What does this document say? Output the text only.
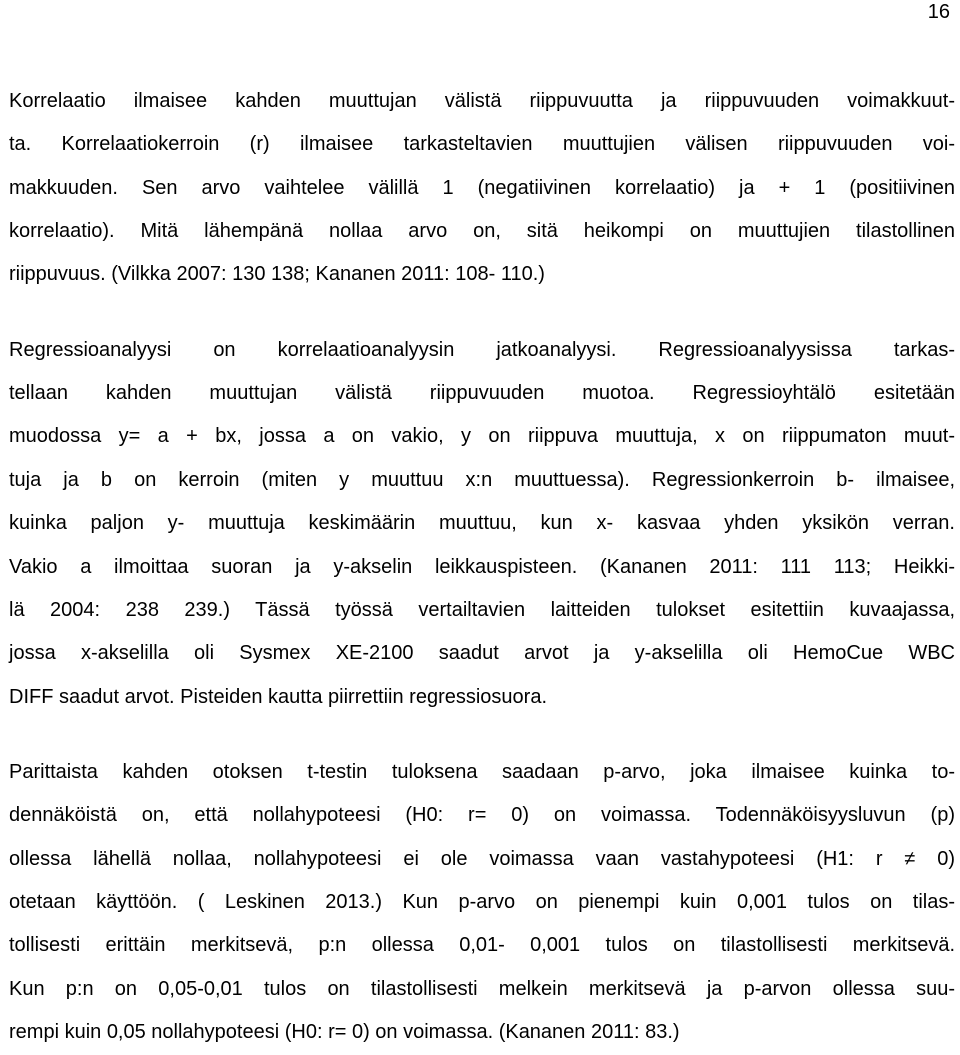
16
Korrelaatio ilmaisee kahden muuttujan välistä riippuvuutta ja riippuvuuden voimakkuut-
ta. Korrelaatiokerroin (r) ilmaisee tarkasteltavien muuttujien välisen riippuvuuden voi-
makkuuden. Sen arvo vaihtelee välillä 1 (negatiivinen korrelaatio) ja + 1 (positiivinen
korrelaatio). Mitä lähempänä nollaa arvo on, sitä heikompi on muuttujien tilastollinen
riippuvuus. (Vilkka 2007: 130 138; Kananen 2011: 108- 110.)
Regressioanalyysi on korrelaatioanalyysin jatkoanalyysi. Regressioanalyysissa tarkas-
tellaan kahden muuttujan välistä riippuvuuden muotoa. Regressioyhtälö esitetään
muodossa y= a + bx, jossa a on vakio, y on riippuva muuttuja, x on riippumaton muut-
tuja ja b on kerroin (miten y muuttuu x:n muuttuessa). Regressionkerroin b- ilmaisee,
kuinka paljon y- muuttuja keskimäärin muuttuu, kun x- kasvaa yhden yksikön verran.
Vakio a ilmoittaa suoran ja y-akselin leikkauspisteen. (Kananen 2011: 111 113; Heikki-
lä 2004: 238 239.) Tässä työssä vertailtavien laitteiden tulokset esitettiin kuvaajassa,
jossa x-akselilla oli Sysmex XE-2100 saadut arvot ja y-akselilla oli HemoCue WBC
DIFF saadut arvot. Pisteiden kautta piirrettiin regressiosuora.
Parittaista kahden otoksen t-testin tuloksena saadaan p-arvo, joka ilmaisee kuinka to-
dennäköistä on, että nollahypoteesi (H0: r= 0) on voimassa. Todennäköisyysluvun (p)
ollessa lähellä nollaa, nollahypoteesi ei ole voimassa vaan vastahypoteesi (H1: r ≠ 0)
otetaan käyttöön. ( Leskinen 2013.) Kun p-arvo on pienempi kuin 0,001 tulos on tilas-
tollisesti erittäin merkitsevä, p:n ollessa 0,01- 0,001 tulos on tilastollisesti merkitsevä.
Kun p:n on 0,05-0,01 tulos on tilastollisesti melkein merkitsevä ja p-arvon ollessa suu-
rempi kuin 0,05 nollahypoteesi (H0: r= 0) on voimassa. (Kananen 2011: 83.)
